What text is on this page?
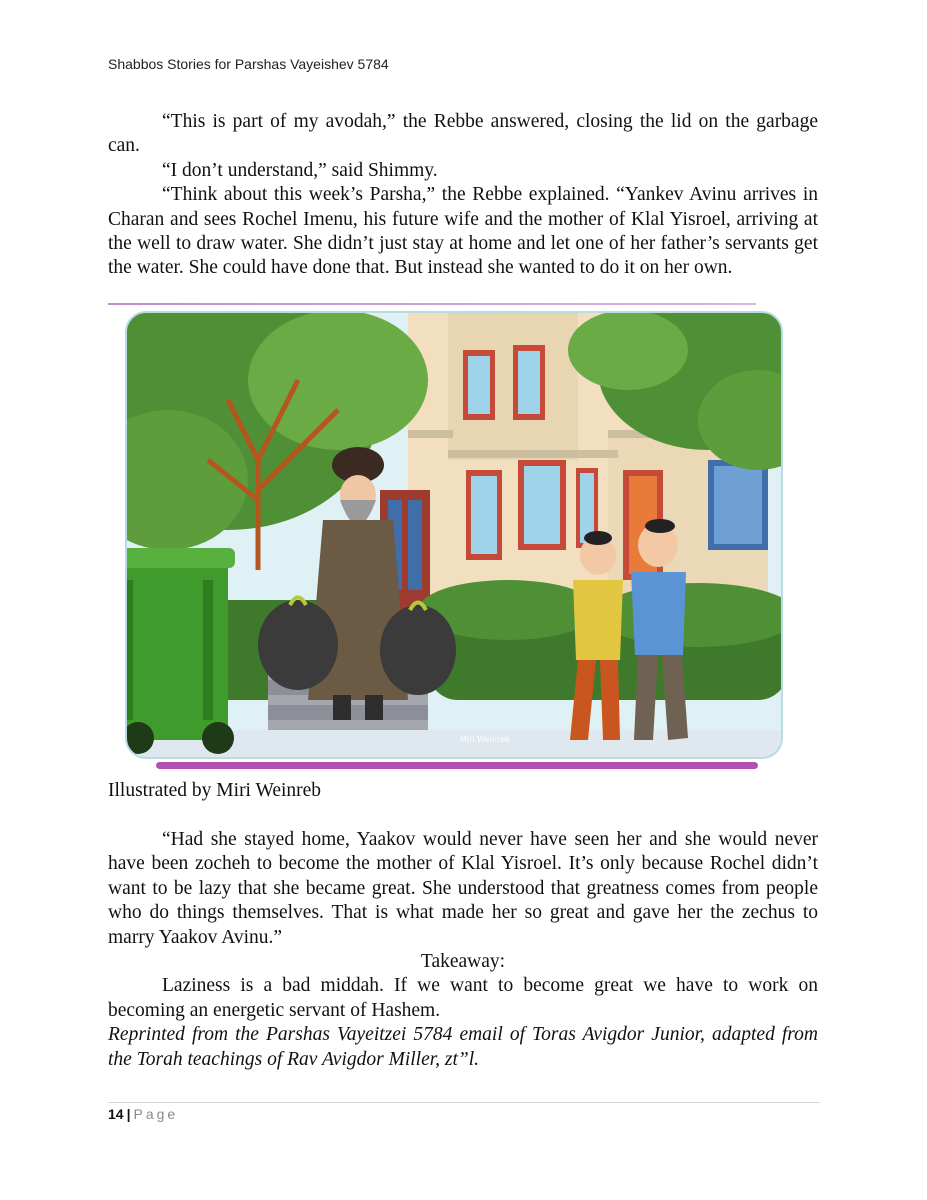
Shabbos Stories for Parshas Vayeishev 5784

“This is part of my avodah,” the Rebbe answered, closing the lid on the garbage can.

“I don’t understand,” said Shimmy.

“Think about this week’s Parsha,” the Rebbe explained. “Yankev Avinu arrives in Charan and sees Rochel Imenu, his future wife and the mother of Klal Yisroel, arriving at the well to draw water. She didn’t just stay at home and let one of her father’s servants get the water. She could have done that. But instead she wanted to do it on her own.

Miri Weinreb
Illustrated by Miri Weinreb

“Had she stayed home, Yaakov would never have seen her and she would never have been zocheh to become the mother of Klal Yisroel. It’s only because Rochel didn’t want to be lazy that she became great. She understood that greatness comes from people who do things themselves. That is what made her so great and gave her the zechus to marry Yaakov Avinu.”

Takeaway:

Laziness is a bad middah. If we want to become great we have to work on becoming an energetic servant of Hashem.

Reprinted from the Parshas Vayeitzei 5784 email of Toras Avigdor Junior, adapted from the Torah teachings of Rav Avigdor Miller, zt”l.

14 | Page
